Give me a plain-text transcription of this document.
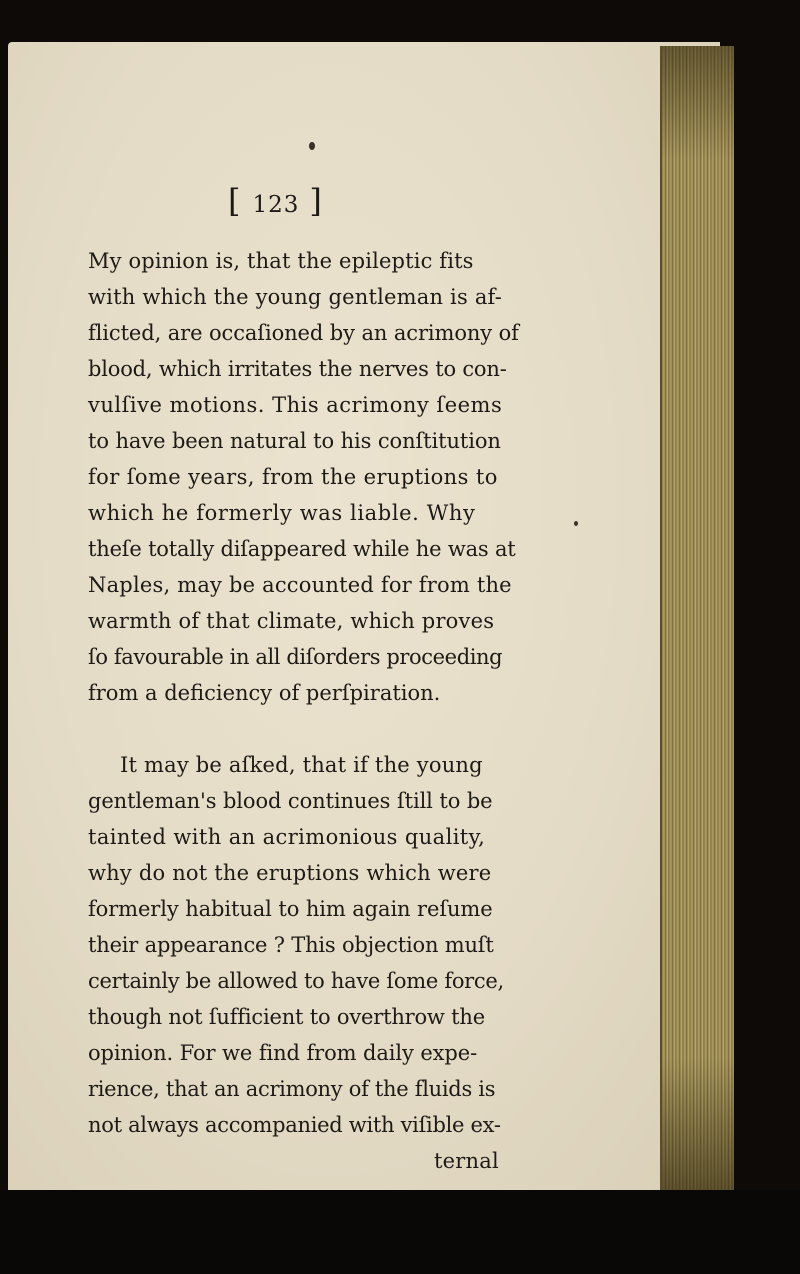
[ 123 ]
My opinion is, that the epileptic fits
with which the young gentleman is af-
flicted, are occaſioned by an acrimony of
blood, which irritates the nerves to con-
vulſive motions. This acrimony ſeems
to have been natural to his conſtitution
for ſome years, from the eruptions to
which he formerly was liable. Why
theſe totally diſappeared while he was at
Naples, may be accounted for from the
warmth of that climate, which proves
ſo favourable in all diſorders proceeding
from a deficiency of perſpiration.
It may be aſked, that if the young
gentleman's blood continues ſtill to be
tainted with an acrimonious quality,
why do not the eruptions which were
formerly habitual to him again reſume
their appearance ? This objection muſt
certainly be allowed to have ſome force,
though not ſufficient to overthrow the
opinion. For we find from daily expe-
rience, that an acrimony of the fluids is
not always accompanied with viſible ex-
ternal
